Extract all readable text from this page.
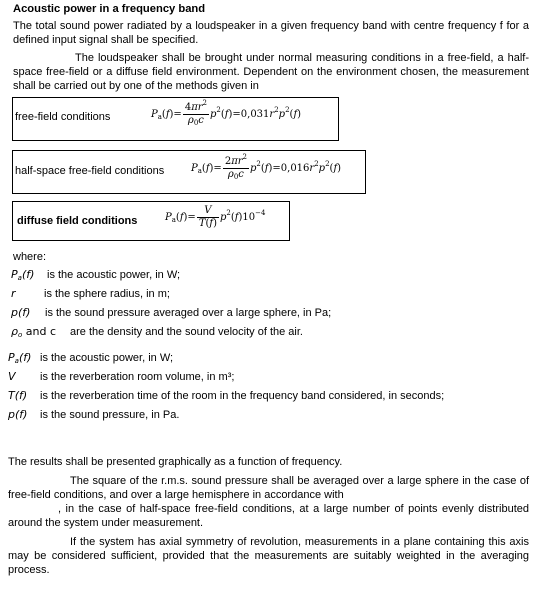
Acoustic power in a frequency band
The total sound power radiated by a loudspeaker in a given frequency band with centre frequency f for a defined input signal shall be specified.
The loudspeaker shall be brought under normal measuring conditions in a free-field, a half-space free-field or a diffuse field environment. Dependent on the environment chosen, the measurement shall be carried out by one of the methods given in
free-field conditions	$P_a(f)= \frac{4\pi r^2}{\rho_0c} p^2(f)=0,031r^2p^2(f)$
half-space free-field conditions	$P_a(f)= \frac{2\pi r^2}{\rho_0c} p^2(f)=0,016r^2p^2(f)$
diffuse field conditions	$P_a(f)= \frac{V}{T(f)} p^2(f)10^{-4}$
where:
$P_a(f)$ is the acoustic power, in W;
r	is the sphere radius, in m;
p(f) is the sound pressure averaged over a large sphere, in Pa;
$\rho_o$ and c are the density and the sound velocity of the air.
$P_a(f)$ is the acoustic power, in W;
V is the reverberation room volume, in m³;
T(f) is the reverberation time of the room in the frequency band considered, in seconds;
p(f) is the sound pressure, in Pa.
The results shall be presented graphically as a function of frequency.
The square of the r.m.s. sound pressure shall be averaged over a large sphere in the case of free-field conditions, and over a large hemisphere in accordance with
, in the case of half-space free-field conditions, at a large number of points evenly distributed around the system under measurement.
If the system has axial symmetry of revolution, measurements in a plane containing this axis may be considered sufficient, provided that the measurements are suitably weighted in the averaging process.
